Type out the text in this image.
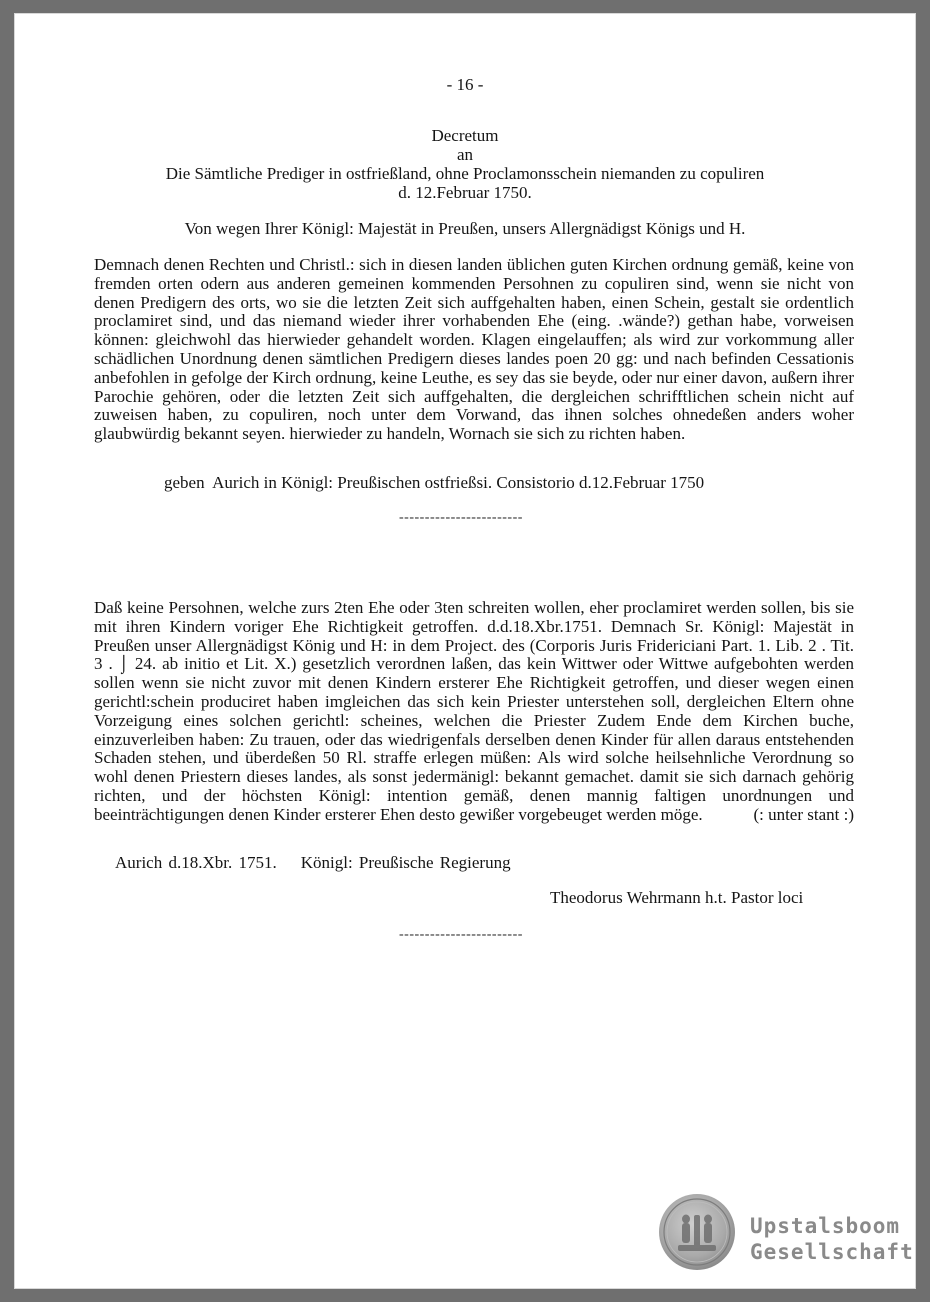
- 16 -
Decretum
an
Die Sämtliche Prediger in ostfrießland, ohne Proclamonsschein niemanden zu copuliren
d. 12.Februar 1750.
Von wegen Ihrer Königl: Majestät in Preußen, unsers Allergnädigst Königs und H.
Demnach denen Rechten und Christl.: sich in diesen landen üblichen guten Kirchen ordnung gemäß, keine von fremden orten odern aus anderen gemeinen kommenden Persohnen zu copuliren sind, wenn sie nicht von denen Predigern des orts, wo sie die letzten Zeit sich auffgehalten haben, einen Schein, gestalt sie ordentlich proclamiret sind, und das niemand wieder ihrer vorhabenden Ehe (eing. .wände?) gethan habe, vorweisen können: gleichwohl das hierwieder gehandelt worden. Klagen eingelauffen; als wird zur vorkommung aller schädlichen Unordnung denen sämtlichen Predigern dieses landes poen 20 gg: und nach befinden Cessationis anbefohlen in gefolge der Kirch ordnung, keine Leuthe, es sey das sie beyde, oder nur einer davon, außern ihrer Parochie gehören, oder die letzten Zeit sich auffgehalten, die dergleichen schrifftlichen schein nicht auf zuweisen haben, zu copuliren, noch unter dem Vorwand, das ihnen solches ohnedeßen anders woher glaubwürdig bekannt seyen. hierwieder zu handeln, Wornach sie sich zu richten haben.
geben  Aurich in Königl: Preußischen ostfrießsi. Consistorio d.12.Februar 1750
------------------------
Daß keine Persohnen, welche zurs 2ten Ehe oder 3ten schreiten wollen, eher proclamiret werden sollen, bis sie mit ihren Kindern voriger Ehe Richtigkeit getroffen. d.d.18.Xbr.1751. Demnach Sr. Königl: Majestät in Preußen unser Allergnädigst König und H: in dem Project. des (Corporis Juris Fridericiani Part. 1. Lib. 2 . Tit. 3 . ⌡ 24. ab initio et Lit. X.) gesetzlich verordnen laßen, das kein Wittwer oder Wittwe aufgebohten werden sollen wenn sie nicht zuvor mit denen Kindern ersterer Ehe Richtigkeit getroffen, und dieser wegen einen gerichtl:schein produciret haben imgleichen das sich kein Priester unterstehen soll, dergleichen Eltern ohne Vorzeigung eines solchen gerichtl: scheines, welchen die Priester Zudem Ende dem Kirchen buche, einzuverleiben haben: Zu trauen, oder das wiedrigenfals derselben denen Kinder für allen daraus entstehenden Schaden stehen, und überdeßen 50 Rl. straffe erlegen müßen: Als wird solche heilsehnliche Verordnung so wohl denen Priestern dieses landes, als sonst jedermänigl: bekannt gemachet. damit sie sich darnach gehörig richten, und der höchsten Königl: intention gemäß, denen mannig faltigen unordnungen und beeinträchtigungen denen Kinder ersterer Ehen desto gewißer vorgebeuget werden möge.	(: unter stant :)
Aurich d.18.Xbr. 1751. Königl: Preußische Regierung
Theodorus Wehrmann h.t. Pastor loci
------------------------
Upstalsboom
Gesellschaft
